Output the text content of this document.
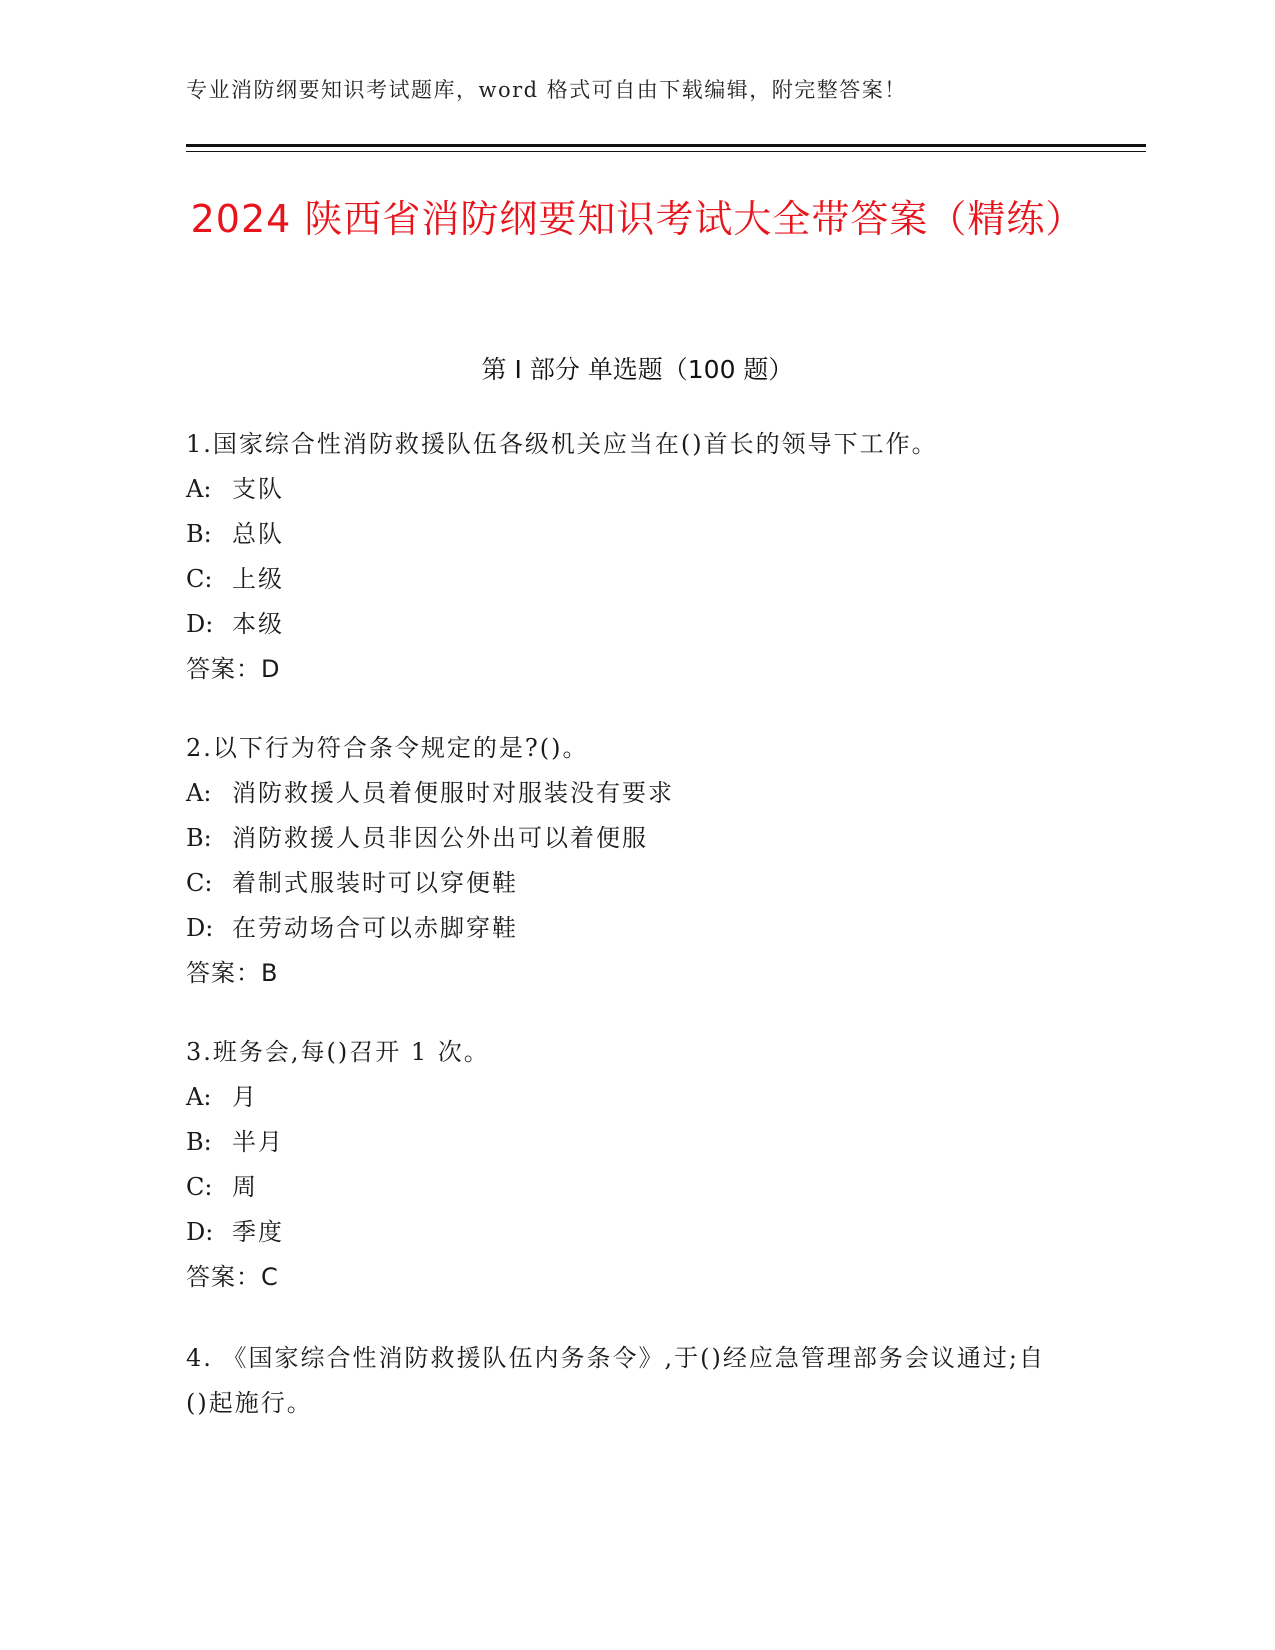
专业消防纲要知识考试题库，word 格式可自由下载编辑，附完整答案！
2024 陕西省消防纲要知识考试大全带答案（精练）
第 I 部分 单选题（100 题）
1.国家综合性消防救援队伍各级机关应当在()首长的领导下工作。
A: 支队
B: 总队
C: 上级
D: 本级
答案：D
2.以下行为符合条令规定的是?()。
A: 消防救援人员着便服时对服装没有要求
B: 消防救援人员非因公外出可以着便服
C: 着制式服装时可以穿便鞋
D: 在劳动场合可以赤脚穿鞋
答案：B
3.班务会,每()召开 1 次。
A: 月
B: 半月
C: 周
D: 季度
答案：C
4. 《国家综合性消防救援队伍内务条令》,于()经应急管理部务会议通过;自()起施行。
